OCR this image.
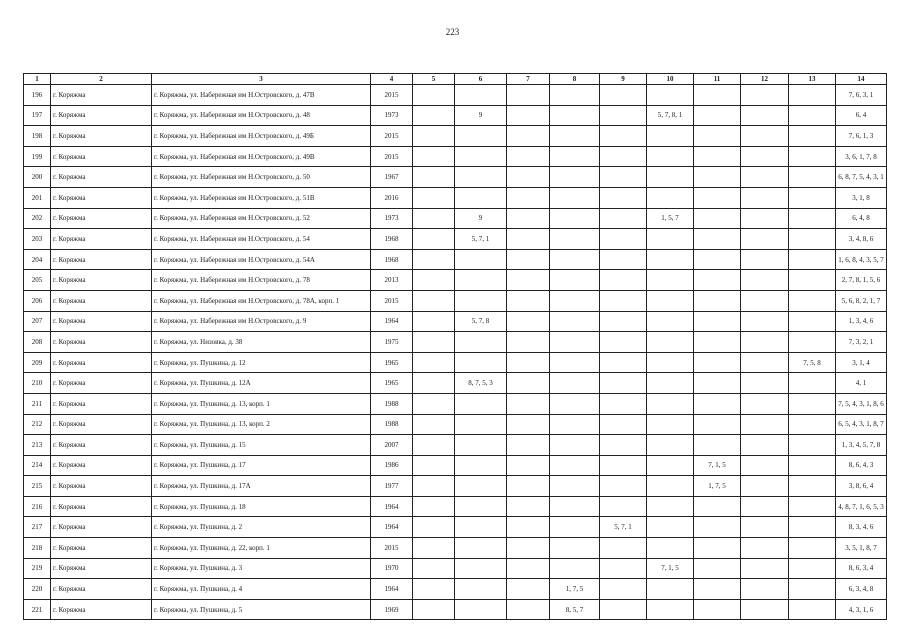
223
1	2	3	4	5	6	7	8	9	10	11	12	13	14
196	г. Коряжма	г. Коряжма, ул. Набережная им Н.Островского, д. 47В	2015										7, 6, 3, 1
197	г. Коряжма	г. Коряжма, ул. Набережная им Н.Островского, д. 48	1973		9				5, 7, 8, 1				6, 4
198	г. Коряжма	г. Коряжма, ул. Набережная им Н.Островского, д. 49Б	2015										7, 6, 1, 3
199	г. Коряжма	г. Коряжма, ул. Набережная им Н.Островского, д. 49В	2015										3, 6, 1, 7, 8
200	г. Коряжма	г. Коряжма, ул. Набережная им Н.Островского, д. 50	1967										6, 8, 7, 5, 4, 3, 1
201	г. Коряжма	г. Коряжма, ул. Набережная им Н.Островского, д. 51В	2016										3, 1, 8
202	г. Коряжма	г. Коряжма, ул. Набережная им Н.Островского, д. 52	1973		9				1, 5, 7				6, 4, 8
203	г. Коряжма	г. Коряжма, ул. Набережная им Н.Островского, д. 54	1968		5, 7, 1								3, 4, 8, 6
204	г. Коряжма	г. Коряжма, ул. Набережная им Н.Островского, д. 54А	1968										1, 6, 8, 4, 3, 5, 7
205	г. Коряжма	г. Коряжма, ул. Набережная им Н.Островского, д. 78	2013										2, 7, 8, 1, 5, 6
206	г. Коряжма	г. Коряжма, ул. Набережная им Н.Островского, д. 78А, корп. 1	2015										5, 6, 8, 2, 1, 7
207	г. Коряжма	г. Коряжма, ул. Набережная им Н.Островского, д. 9	1964		5, 7, 8								1, 3, 4, 6
208	г. Коряжма	г. Коряжма, ул. Низовка, д. 38	1975										7, 3, 2, 1
209	г. Коряжма	г. Коряжма, ул. Пушкина, д. 12	1965									7, 5, 8	3, 1, 4
210	г. Коряжма	г. Коряжма, ул. Пушкина, д. 12А	1965		8, 7, 5, 3								4, 1
211	г. Коряжма	г. Коряжма, ул. Пушкина, д. 13, корп. 1	1988										7, 5, 4, 3, 1, 8, 6
212	г. Коряжма	г. Коряжма, ул. Пушкина, д. 13, корп. 2	1988										6, 5, 4, 3, 1, 8, 7
213	г. Коряжма	г. Коряжма, ул. Пушкина, д. 15	2007										1, 3, 4, 5, 7, 8
214	г. Коряжма	г. Коряжма, ул. Пушкина, д. 17	1986							7, 1, 5			8, 6, 4, 3
215	г. Коряжма	г. Коряжма, ул. Пушкина, д. 17А	1977							1, 7, 5			3, 8, 6, 4
216	г. Коряжма	г. Коряжма, ул. Пушкина, д. 18	1964										4, 8, 7, 1, 6, 5, 3
217	г. Коряжма	г. Коряжма, ул. Пушкина, д. 2	1964					5, 7, 1					8, 3, 4, 6
218	г. Коряжма	г. Коряжма, ул. Пушкина, д. 22, корп. 1	2015										3, 5, 1, 8, 7
219	г. Коряжма	г. Коряжма, ул. Пушкина, д. 3	1970						7, 1, 5				8, 6, 3, 4
220	г. Коряжма	г. Коряжма, ул. Пушкина, д. 4	1964				1, 7, 5						6, 3, 4, 8
221	г. Коряжма	г. Коряжма, ул. Пушкина, д. 5	1969				8, 5, 7						4, 3, 1, 6
